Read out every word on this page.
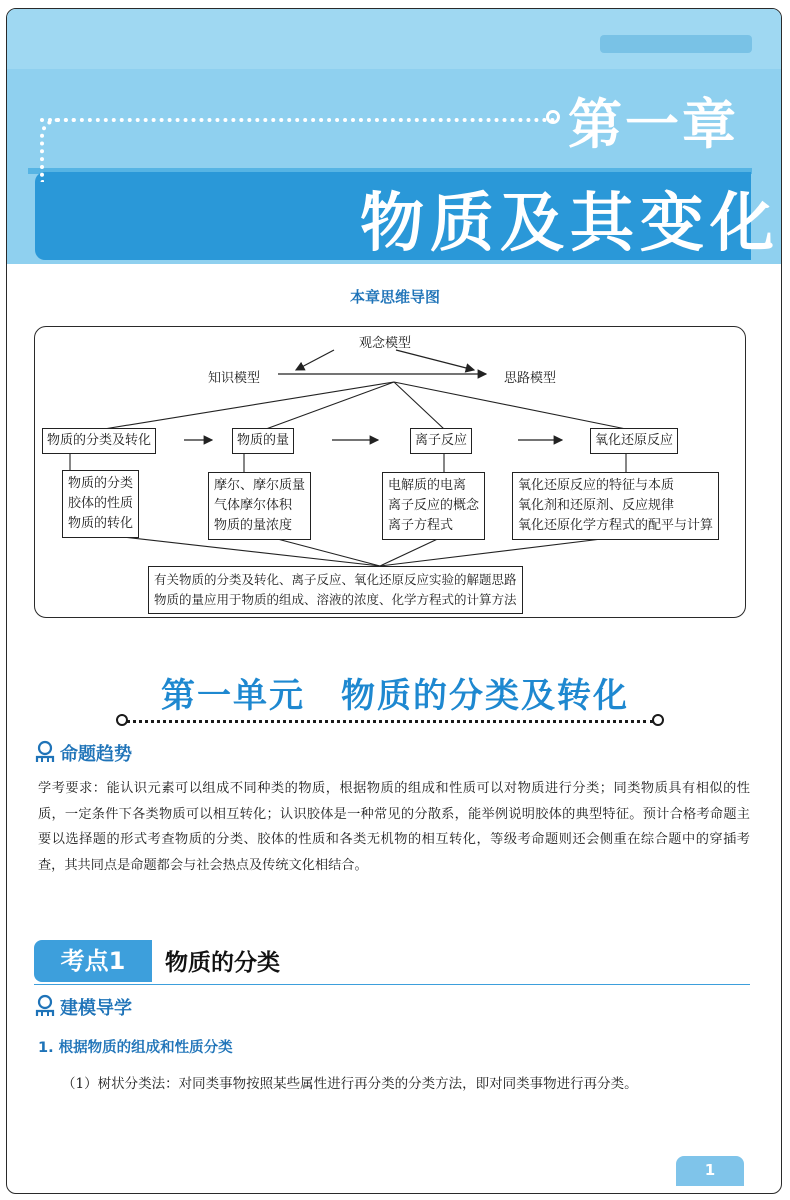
第一章
物质及其变化
本章思维导图
观念模型
知识模型	思路模型
物质的分类及转化	物质的量	离子反应	氧化还原反应
物质的分类
胶体的性质
物质的转化
摩尔、摩尔质量
气体摩尔体积
物质的量浓度
电解质的电离
离子反应的概念
离子方程式
氧化还原反应的特征与本质
氧化剂和还原剂、反应规律
氧化还原化学方程式的配平与计算
有关物质的分类及转化、离子反应、氧化还原反应实验的解题思路
物质的量应用于物质的组成、溶液的浓度、化学方程式的计算方法
第一单元　物质的分类及转化
命题趋势
学考要求：能认识元素可以组成不同种类的物质，根据物质的组成和性质可以对物质进行分类；同类物质具有相似的性质，一定条件下各类物质可以相互转化；认识胶体是一种常见的分散系，能举例说明胶体的典型特征。预计合格考命题主要以选择题的形式考查物质的分类、胶体的性质和各类无机物的相互转化，等级考命题则还会侧重在综合题中的穿插考查，其共同点是命题都会与社会热点及传统文化相结合。
考点1	物质的分类
建模导学
1. 根据物质的组成和性质分类
（1）树状分类法：对同类事物按照某些属性进行再分类的分类方法，即对同类事物进行再分类。
1
